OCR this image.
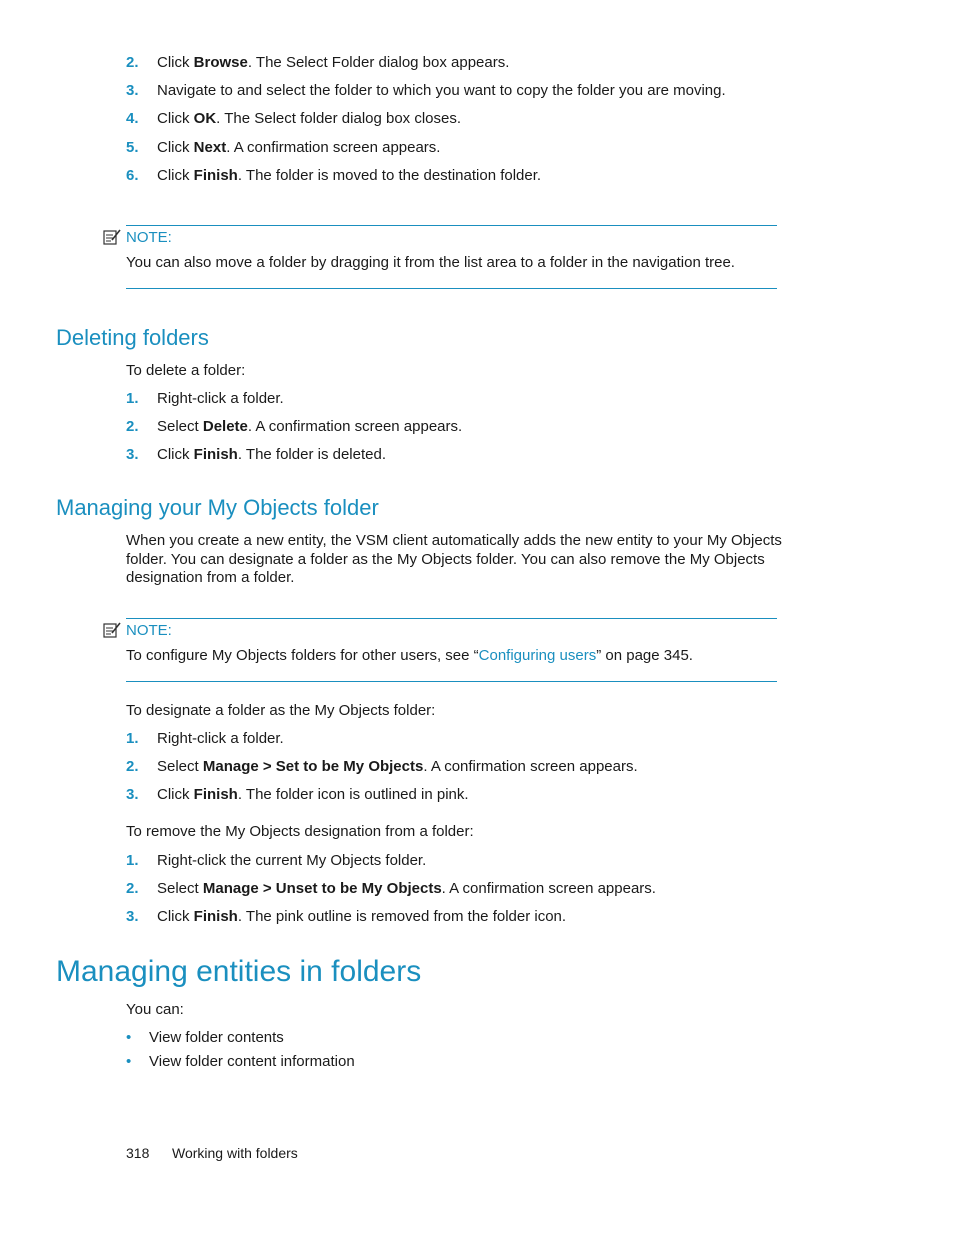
2. Click Browse. The Select Folder dialog box appears.
3. Navigate to and select the folder to which you want to copy the folder you are moving.
4. Click OK. The Select folder dialog box closes.
5. Click Next. A confirmation screen appears.
6. Click Finish. The folder is moved to the destination folder.
NOTE:
You can also move a folder by dragging it from the list area to a folder in the navigation tree.
Deleting folders
To delete a folder:
1. Right-click a folder.
2. Select Delete. A confirmation screen appears.
3. Click Finish. The folder is deleted.
Managing your My Objects folder
When you create a new entity, the VSM client automatically adds the new entity to your My Objects
folder. You can designate a folder as the My Objects folder. You can also remove the My Objects
designation from a folder.
NOTE:
To configure My Objects folders for other users, see “Configuring users” on page 345.
To designate a folder as the My Objects folder:
1. Right-click a folder.
2. Select Manage > Set to be My Objects. A confirmation screen appears.
3. Click Finish. The folder icon is outlined in pink.
To remove the My Objects designation from a folder:
1. Right-click the current My Objects folder.
2. Select Manage > Unset to be My Objects. A confirmation screen appears.
3. Click Finish. The pink outline is removed from the folder icon.
Managing entities in folders
You can:
• View folder contents
• View folder content information
318 Working with folders
